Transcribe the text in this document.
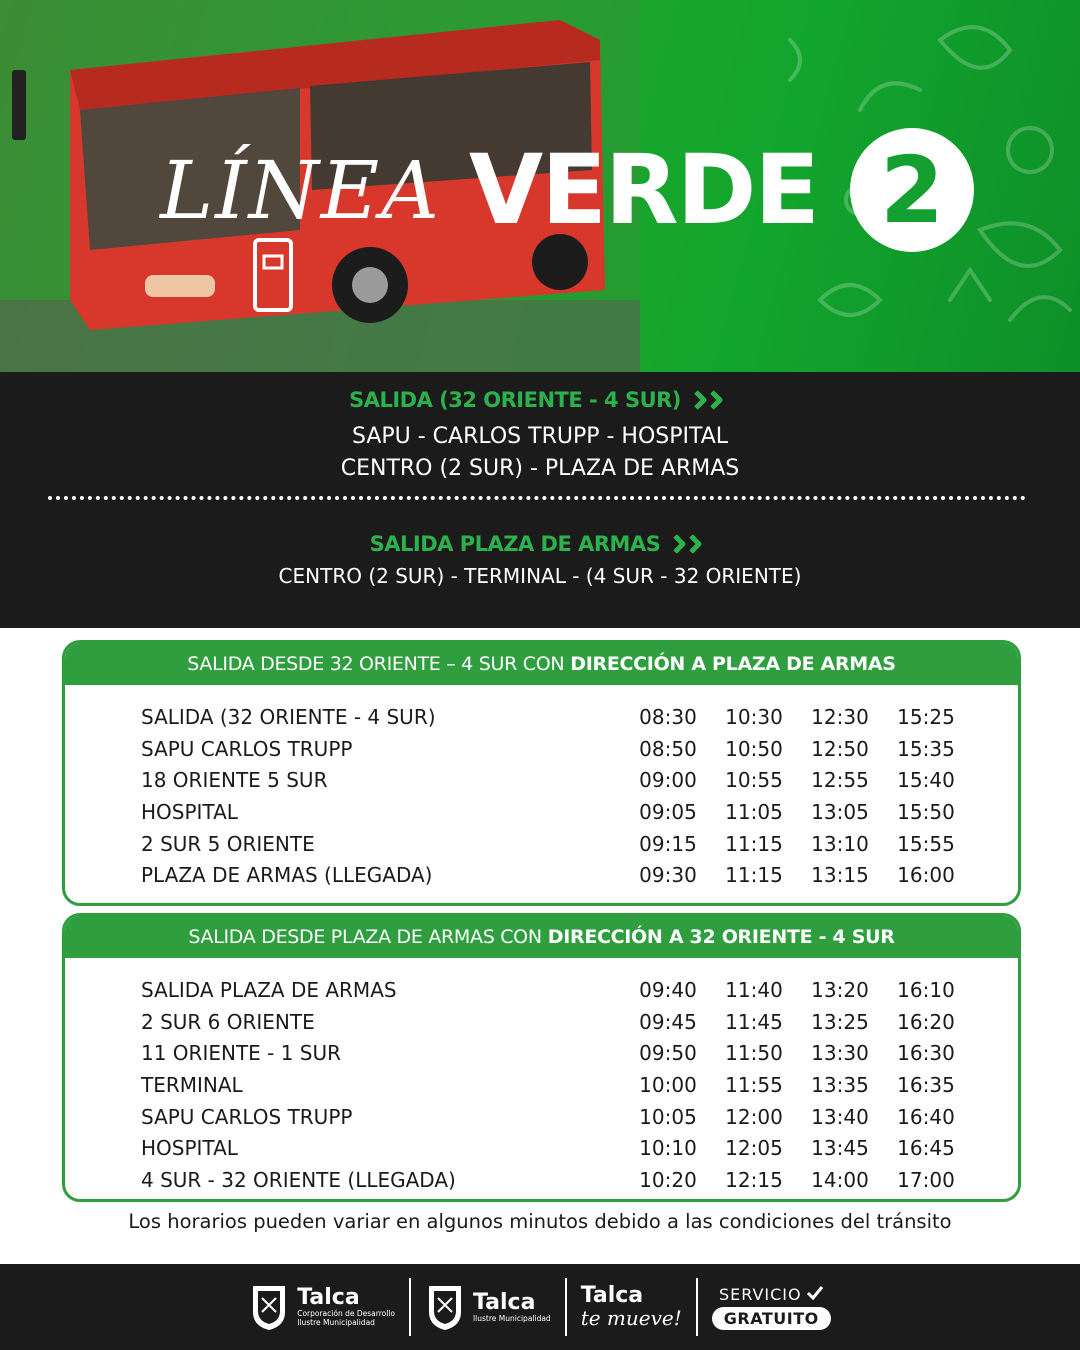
LÍNEA VERDE 2
SALIDA (32 ORIENTE - 4 SUR)
SAPU - CARLOS TRUPP - HOSPITAL
CENTRO (2 SUR) - PLAZA DE ARMAS
SALIDA PLAZA DE ARMAS
CENTRO (2 SUR) - TERMINAL - (4 SUR - 32 ORIENTE)
SALIDA DESDE 32 ORIENTE – 4 SUR CON DIRECCIÓN A PLAZA DE ARMAS
SALIDA (32 ORIENTE - 4 SUR)	08:30	10:30	12:30	15:25
SAPU CARLOS TRUPP	08:50	10:50	12:50	15:35
18 ORIENTE 5 SUR	09:00	10:55	12:55	15:40
HOSPITAL	09:05	11:05	13:05	15:50
2 SUR 5 ORIENTE	09:15	11:15	13:10	15:55
PLAZA DE ARMAS (LLEGADA)	09:30	11:15	13:15	16:00
SALIDA DESDE PLAZA DE ARMAS CON DIRECCIÓN A 32 ORIENTE - 4 SUR
SALIDA PLAZA DE ARMAS	09:40	11:40	13:20	16:10
2 SUR 6 ORIENTE	09:45	11:45	13:25	16:20
11 ORIENTE - 1 SUR	09:50	11:50	13:30	16:30
TERMINAL	10:00	11:55	13:35	16:35
SAPU CARLOS TRUPP	10:05	12:00	13:40	16:40
HOSPITAL	10:10	12:05	13:45	16:45
4 SUR - 32 ORIENTE (LLEGADA)	10:20	12:15	14:00	17:00
Los horarios pueden variar en algunos minutos debido a las condiciones del tránsito
Talca
Corporación de Desarrollo
Ilustre Municipalidad
Talca
Ilustre Municipalidad
Talca
te mueve!
SERVICIO
GRATUITO
